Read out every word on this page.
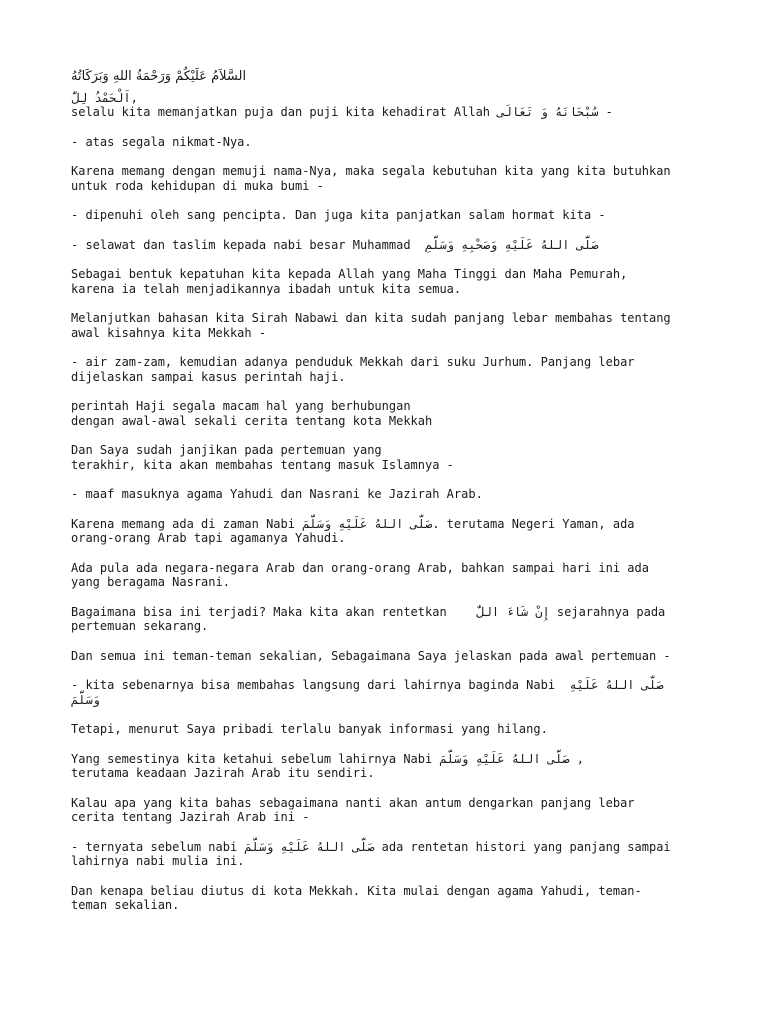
السَّلاَمُ عَلَيْكُمْ وَرَحْمَةُ اللهِ وَبَرَكَاتُهُ
اَلْحَمْدُ لِلّٰ,
selalu kita memanjatkan puja dan puji kita kehadirat Allah سُبْحَانَهُ وَ تَعَالَى -
- atas segala nikmat-Nya.
Karena memang dengan memuji nama-Nya, maka segala kebutuhan kita yang kita butuhkan
untuk roda kehidupan di muka bumi -
- dipenuhi oleh sang pencipta. Dan juga kita panjatkan salam hormat kita -
- selawat dan taslim kepada nabi besar Muhammad  صَلَّى اللهُ عَلَيْهِ وَصَحْبِهِ وَسَلَّمِ
Sebagai bentuk kepatuhan kita kepada Allah yang Maha Tinggi dan Maha Pemurah,
karena ia telah menjadikannya ibadah untuk kita semua.
Melanjutkan bahasan kita Sirah Nabawi dan kita sudah panjang lebar membahas tentang
awal kisahnya kita Mekkah -
- air zam-zam, kemudian adanya penduduk Mekkah dari suku Jurhum. Panjang lebar
dijelaskan sampai kasus perintah haji.
perintah Haji segala macam hal yang berhubungan
dengan awal-awal sekali cerita tentang kota Mekkah
Dan Saya sudah janjikan pada pertemuan yang
terakhir, kita akan membahas tentang masuk Islamnya -
- maaf masuknya agama Yahudi dan Nasrani ke Jazirah Arab.
Karena memang ada di zaman Nabi صَلَّى اللهُ عَلَيْهِ وَسَلَّمَ. terutama Negeri Yaman, ada
orang-orang Arab tapi agamanya Yahudi.
Ada pula ada negara-negara Arab dan orang-orang Arab, bahkan sampai hari ini ada
yang beragama Nasrani.
Bagaimana bisa ini terjadi? Maka kita akan rentetkan    إِنْ شَاءَ اللّٰ sejarahnya pada
pertemuan sekarang.
Dan semua ini teman-teman sekalian, Sebagaimana Saya jelaskan pada awal pertemuan -
- kita sebenarnya bisa membahas langsung dari lahirnya baginda Nabi  صَلَّى اللهُ عَلَيْهِ
وَسَلَّمَ
Tetapi, menurut Saya pribadi terlalu banyak informasi yang hilang.
Yang semestinya kita ketahui sebelum lahirnya Nabi صَلَّى اللهُ عَلَيْهِ وَسَلَّمَ ,
terutama keadaan Jazirah Arab itu sendiri.
Kalau apa yang kita bahas sebagaimana nanti akan antum dengarkan panjang lebar
cerita tentang Jazirah Arab ini -
- ternyata sebelum nabi صَلَّى اللهُ عَلَيْهِ وَسَلَّمَ ada rentetan histori yang panjang sampai
lahirnya nabi mulia ini.
Dan kenapa beliau diutus di kota Mekkah. Kita mulai dengan agama Yahudi, teman-
teman sekalian.
